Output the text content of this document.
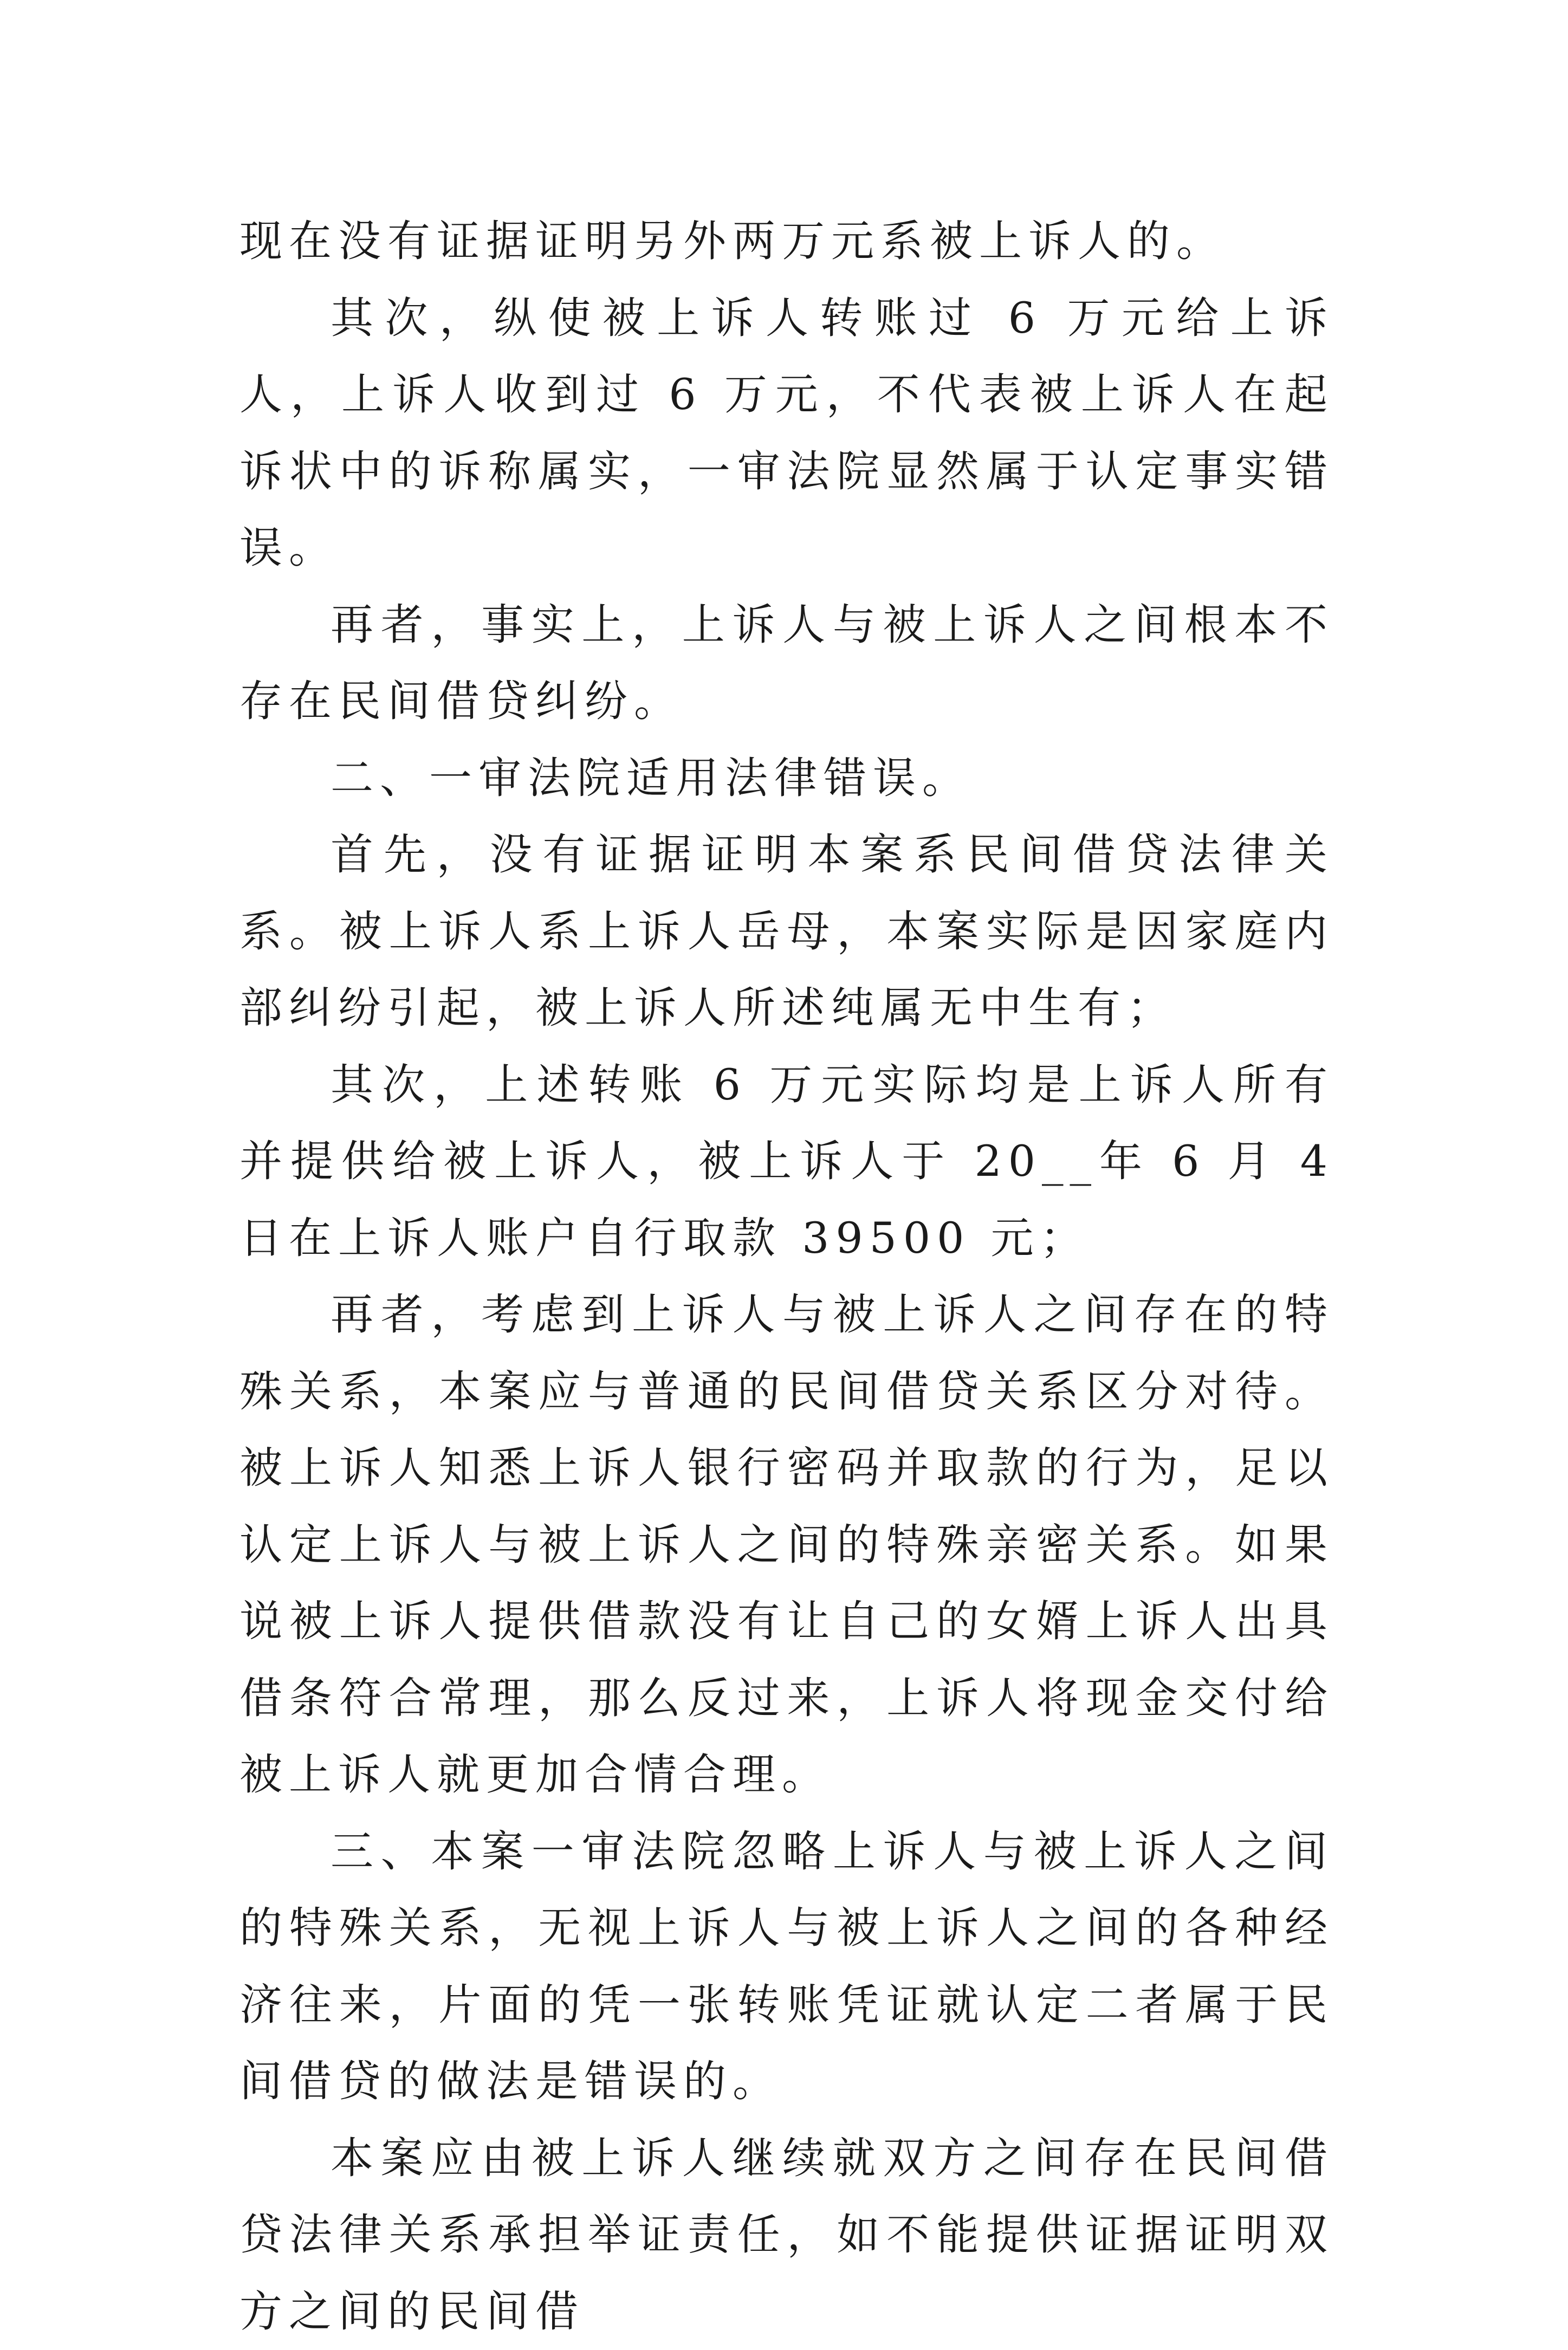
现在没有证据证明另外两万元系被上诉人的。

其次，纵使被上诉人转账过 6 万元给上诉人，上诉人收到过 6 万元，不代表被上诉人在起诉状中的诉称属实，一审法院显然属于认定事实错误。

再者，事实上，上诉人与被上诉人之间根本不存在民间借贷纠纷。

二、一审法院适用法律错误。

首先，没有证据证明本案系民间借贷法律关系。被上诉人系上诉人岳母，本案实际是因家庭内部纠纷引起，被上诉人所述纯属无中生有；

其次，上述转账 6 万元实际均是上诉人所有并提供给被上诉人，被上诉人于 20__年 6 月 4 日在上诉人账户自行取款 39500 元；

再者，考虑到上诉人与被上诉人之间存在的特殊关系，本案应与普通的民间借贷关系区分对待。被上诉人知悉上诉人银行密码并取款的行为，足以认定上诉人与被上诉人之间的特殊亲密关系。如果说被上诉人提供借款没有让自己的女婿上诉人出具借条符合常理，那么反过来，上诉人将现金交付给被上诉人就更加合情合理。

三、本案一审法院忽略上诉人与被上诉人之间的特殊关系，无视上诉人与被上诉人之间的各种经济往来，片面的凭一张转账凭证就认定二者属于民间借贷的做法是错误的。

本案应由被上诉人继续就双方之间存在民间借贷法律关系承担举证责任，如不能提供证据证明双方之间的民间借
